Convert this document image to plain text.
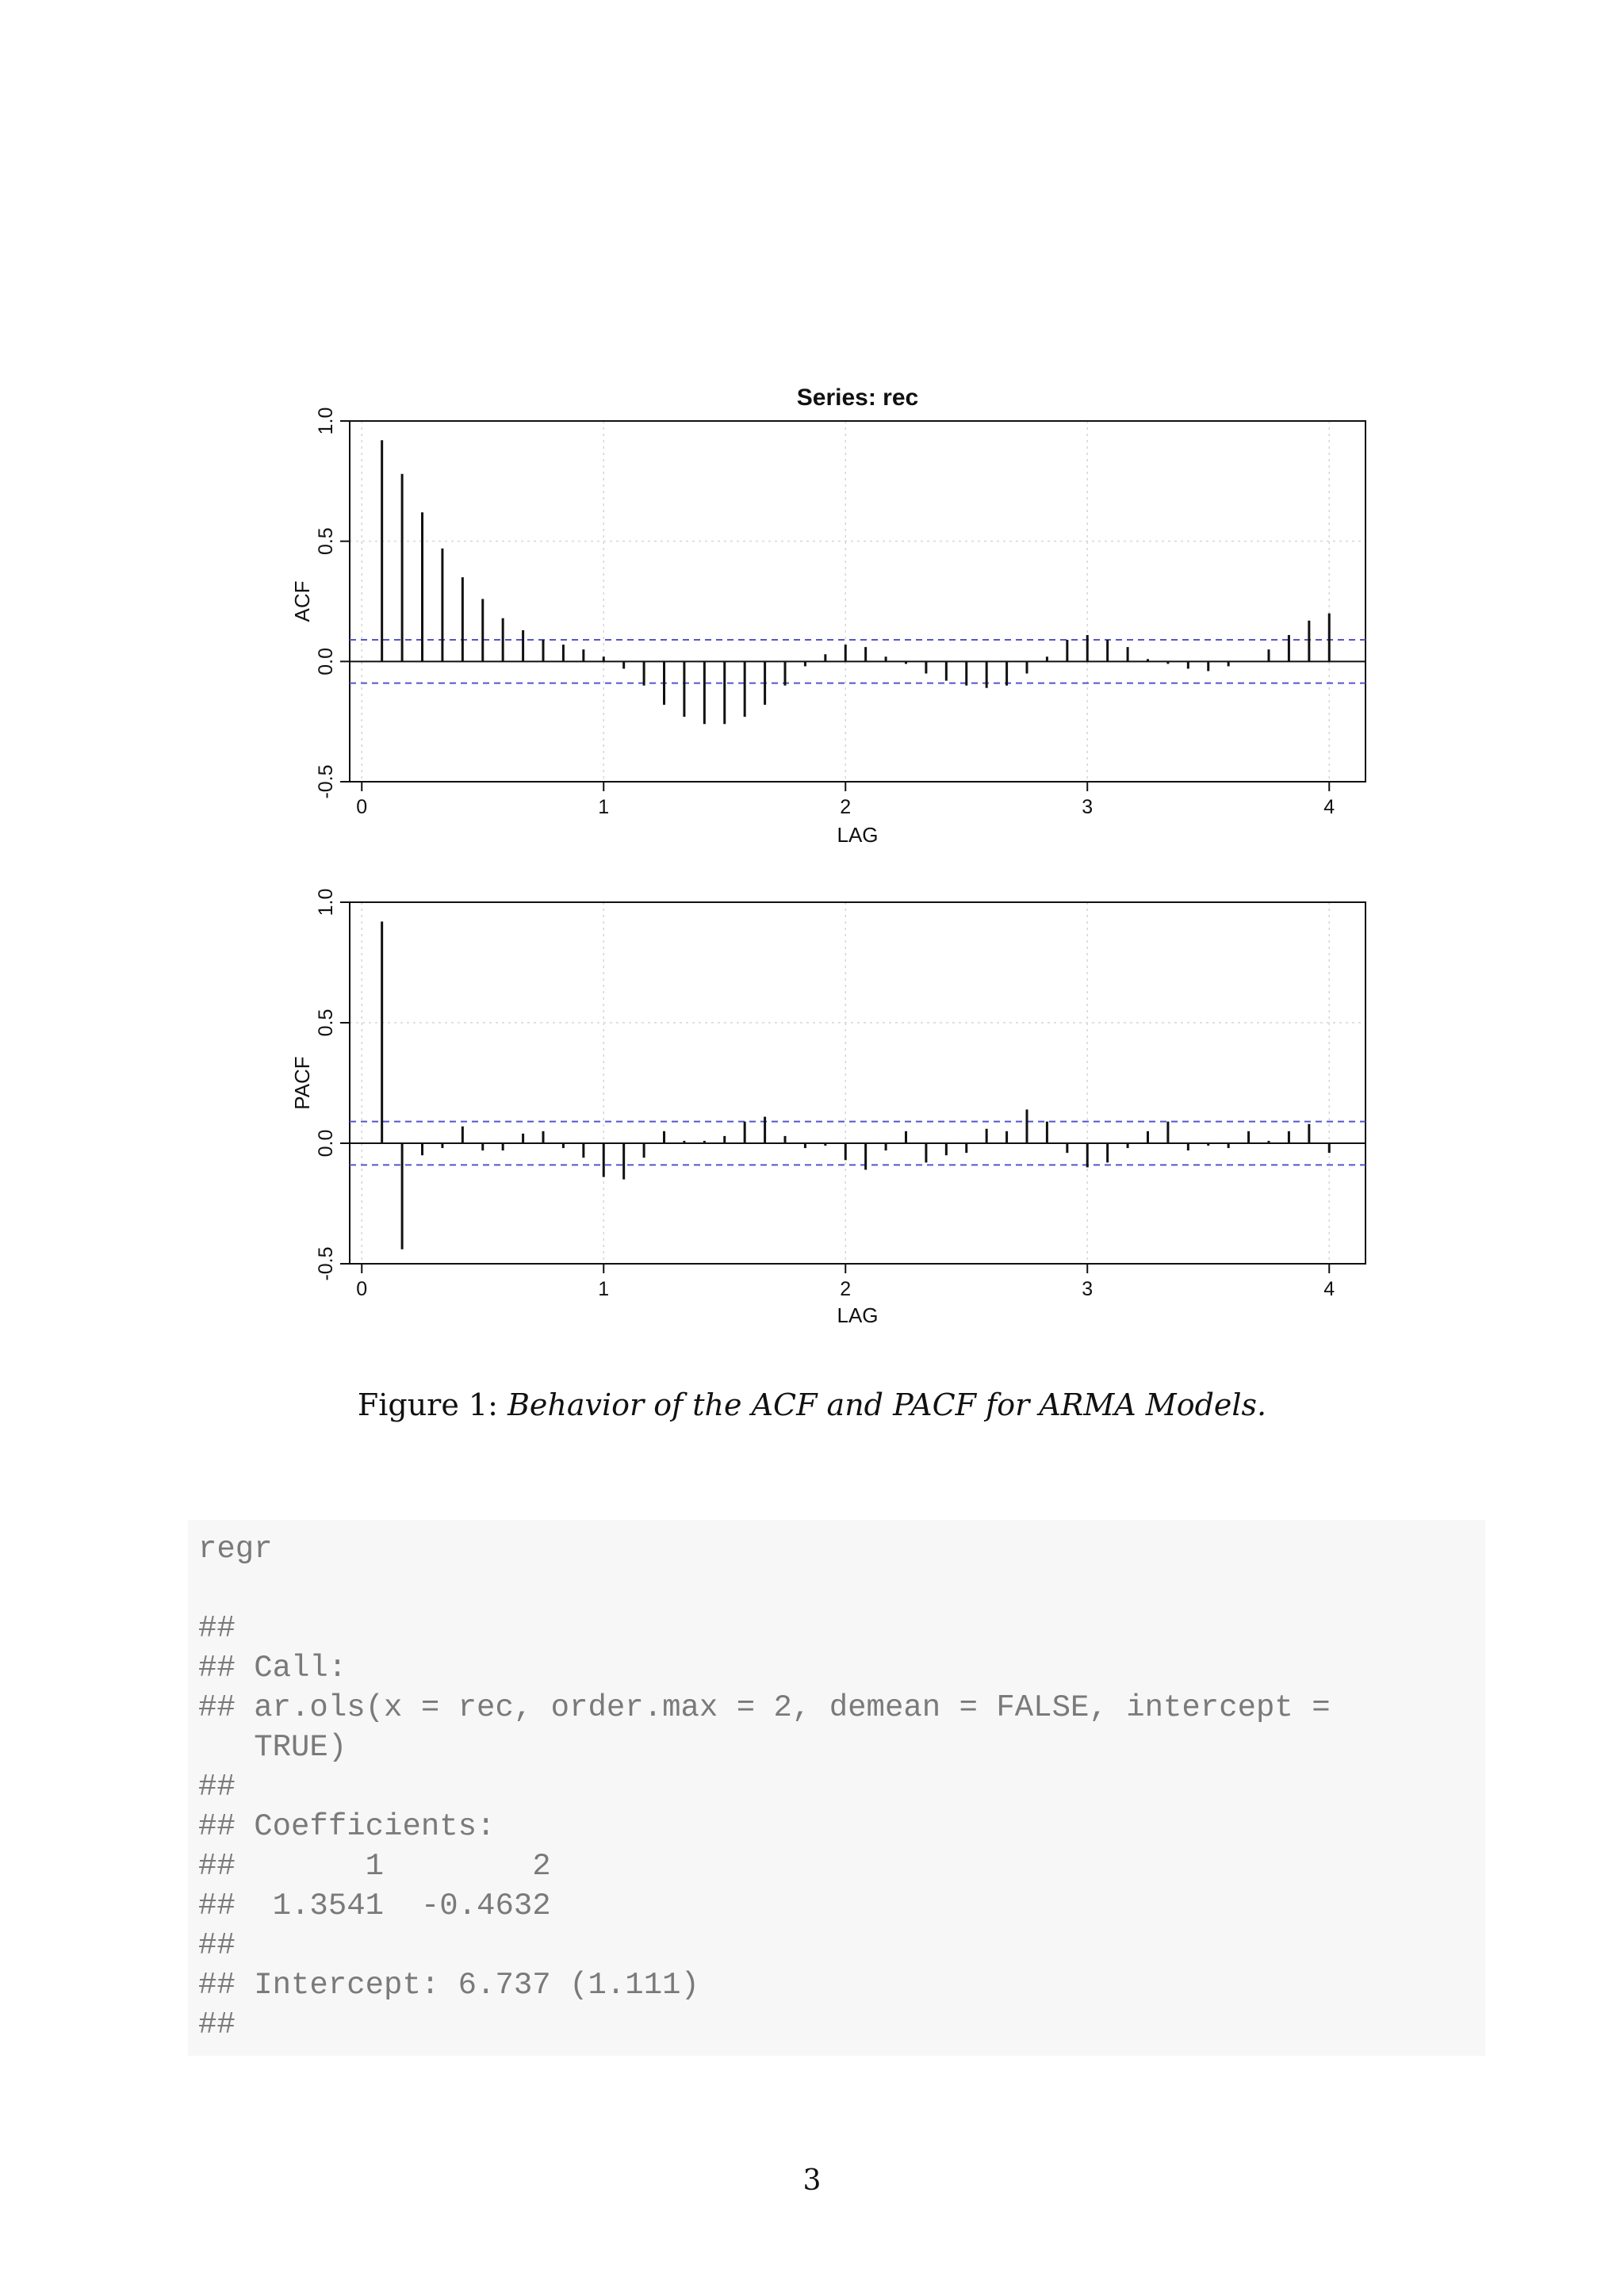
0	1	2	3	4
-0.5
0.0
0.5
1.0
LAG
ACF
Series: rec
0	1	2	3	4
-0.5
0.0
0.5
1.0
LAG
PACF
Figure 1: Behavior of the ACF and PACF for ARMA Models.
regr
##
## Call:
## ar.ols(x = rec, order.max = 2, demean = FALSE, intercept =
TRUE)
##
## Coefficients:
##       1        2
##  1.3541  -0.4632
##
## Intercept: 6.737 (1.111)
##
3
